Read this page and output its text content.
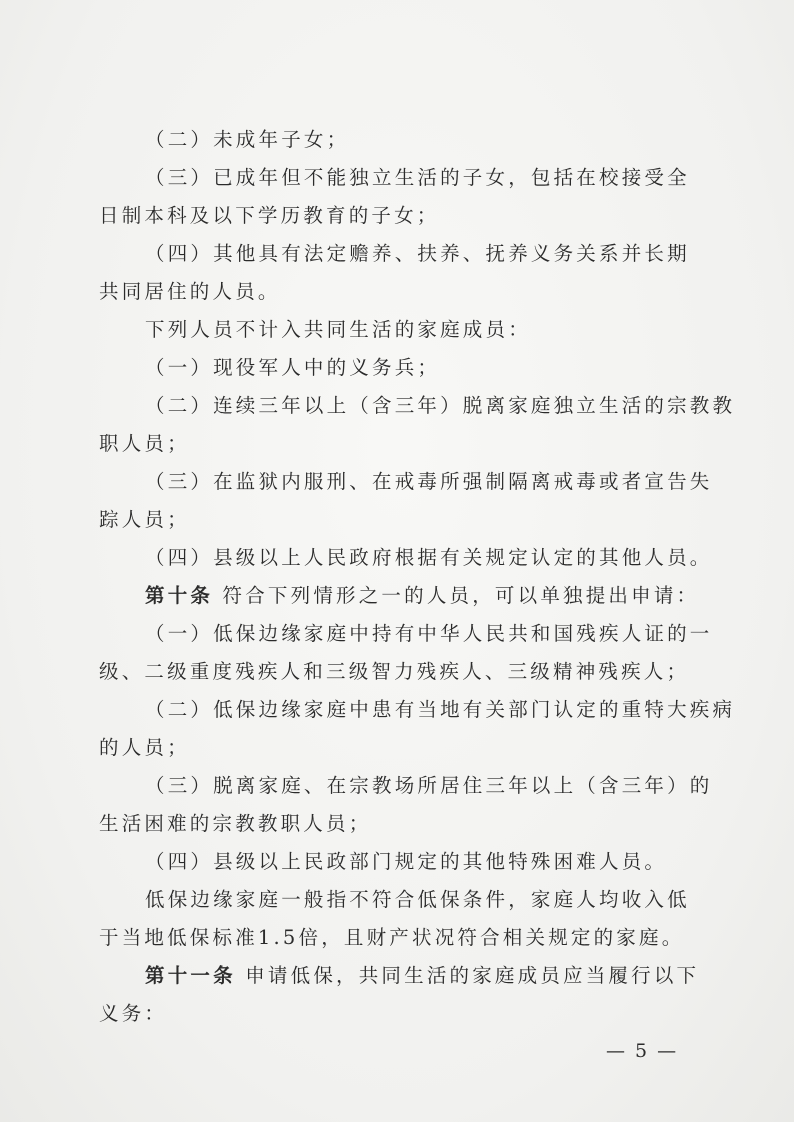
（二）未成年子女；
（三）已成年但不能独立生活的子女，包括在校接受全
日制本科及以下学历教育的子女；
（四）其他具有法定赡养、扶养、抚养义务关系并长期
共同居住的人员。
下列人员不计入共同生活的家庭成员：
（一）现役军人中的义务兵；
（二）连续三年以上（含三年）脱离家庭独立生活的宗教教
职人员；
（三）在监狱内服刑、在戒毒所强制隔离戒毒或者宣告失
踪人员；
（四）县级以上人民政府根据有关规定认定的其他人员。
第十条 符合下列情形之一的人员，可以单独提出申请：
（一）低保边缘家庭中持有中华人民共和国残疾人证的一
级、二级重度残疾人和三级智力残疾人、三级精神残疾人；
（二）低保边缘家庭中患有当地有关部门认定的重特大疾病
的人员；
（三）脱离家庭、在宗教场所居住三年以上（含三年）的
生活困难的宗教教职人员；
（四）县级以上民政部门规定的其他特殊困难人员。
低保边缘家庭一般指不符合低保条件，家庭人均收入低
于当地低保标准1.5倍，且财产状况符合相关规定的家庭。
第十一条 申请低保，共同生活的家庭成员应当履行以下
义务：
— 5 —
